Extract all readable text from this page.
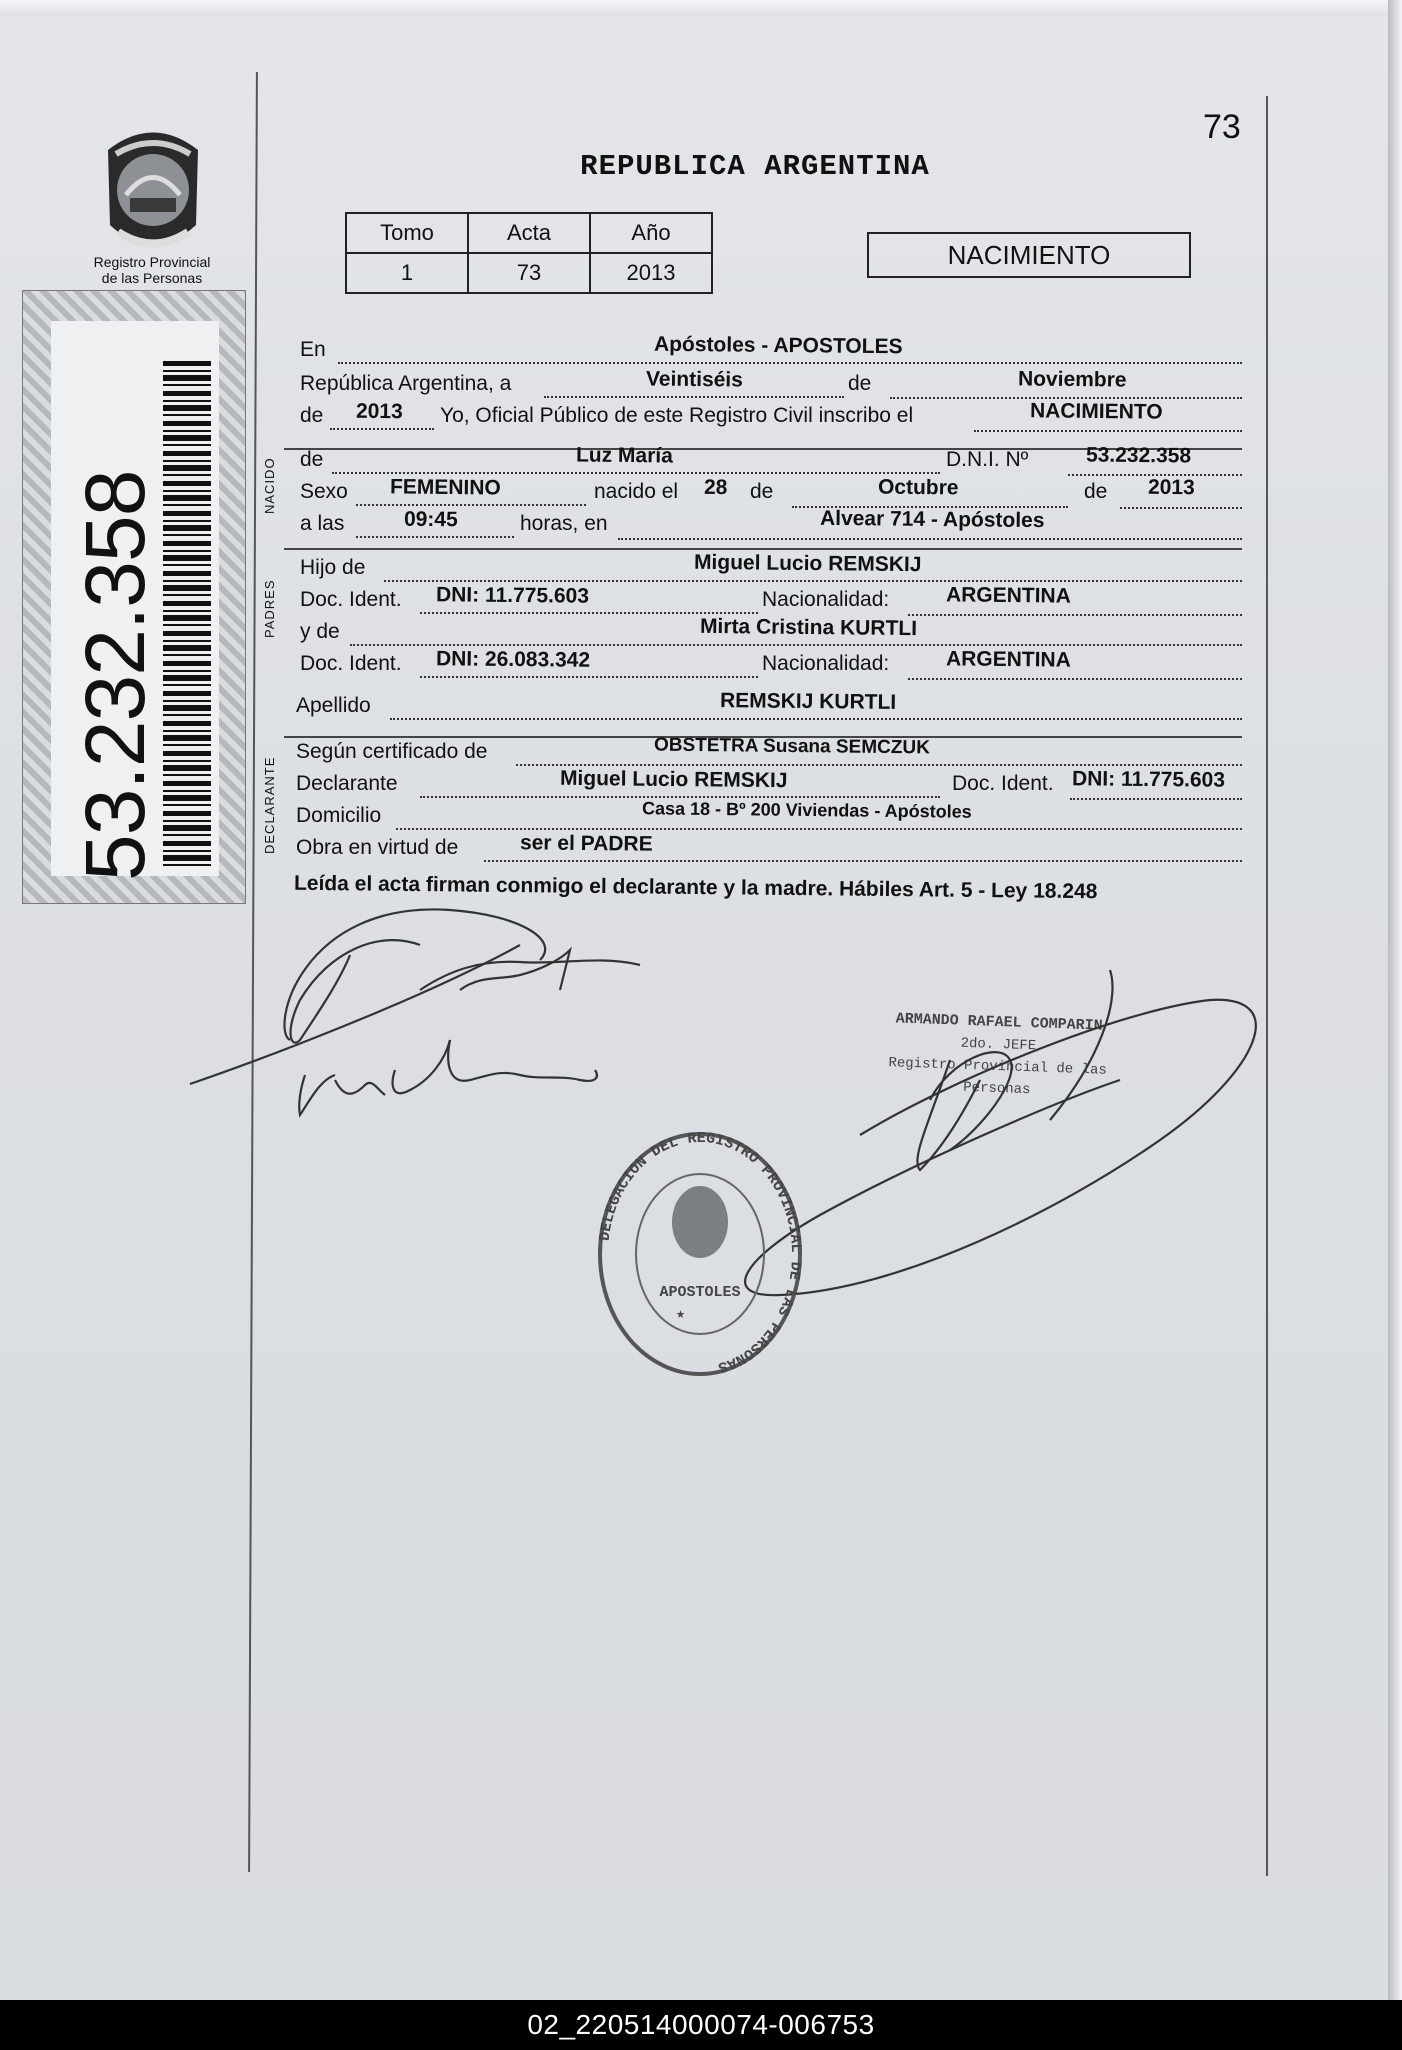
73
REPUBLICA ARGENTINA
Registro Provincial
de las Personas
53.232.358
Tomo	Acta	Año
1	73	2013
NACIMIENTO
NACIDO
PADRES
DECLARANTE
En	Apóstoles - APOSTOLES
República Argentina, a	Veintiséis	de	Noviembre
de 2013 Yo, Oficial Público de este Registro Civil inscribo el	NACIMIENTO
de	Luz María	D.N.I. Nº	53.232.358
Sexo FEMENINO	nacido el 28 de	Octubre	de 2013
a las	09:45	horas, en	Alvear 714 - Apóstoles
Hijo de	Miguel Lucio REMSKIJ
Doc. Ident. DNI: 11.775.603	Nacionalidad:	ARGENTINA
y de	Mirta Cristina KURTLI
Doc. Ident. DNI: 26.083.342	Nacionalidad:	ARGENTINA
Apellido	REMSKIJ KURTLI
Según certificado de	OBSTETRA Susana SEMCZUK
Declarante	Miguel Lucio REMSKIJ	Doc. Ident. DNI: 11.775.603
Domicilio	Casa 18 - Bº 200 Viviendas - Apóstoles
Obra en virtud de	ser el PADRE
Leída el acta firman conmigo el declarante y la madre. Hábiles Art. 5 - Ley 18.248
ARMANDO RAFAEL COMPARIN
2do. JEFE
Registro Provincial de las Personas
DELEGACION DEL REGISTRO PROVINCIAL DE LAS PERSONAS
APOSTOLES
★
02_220514000074-006753
